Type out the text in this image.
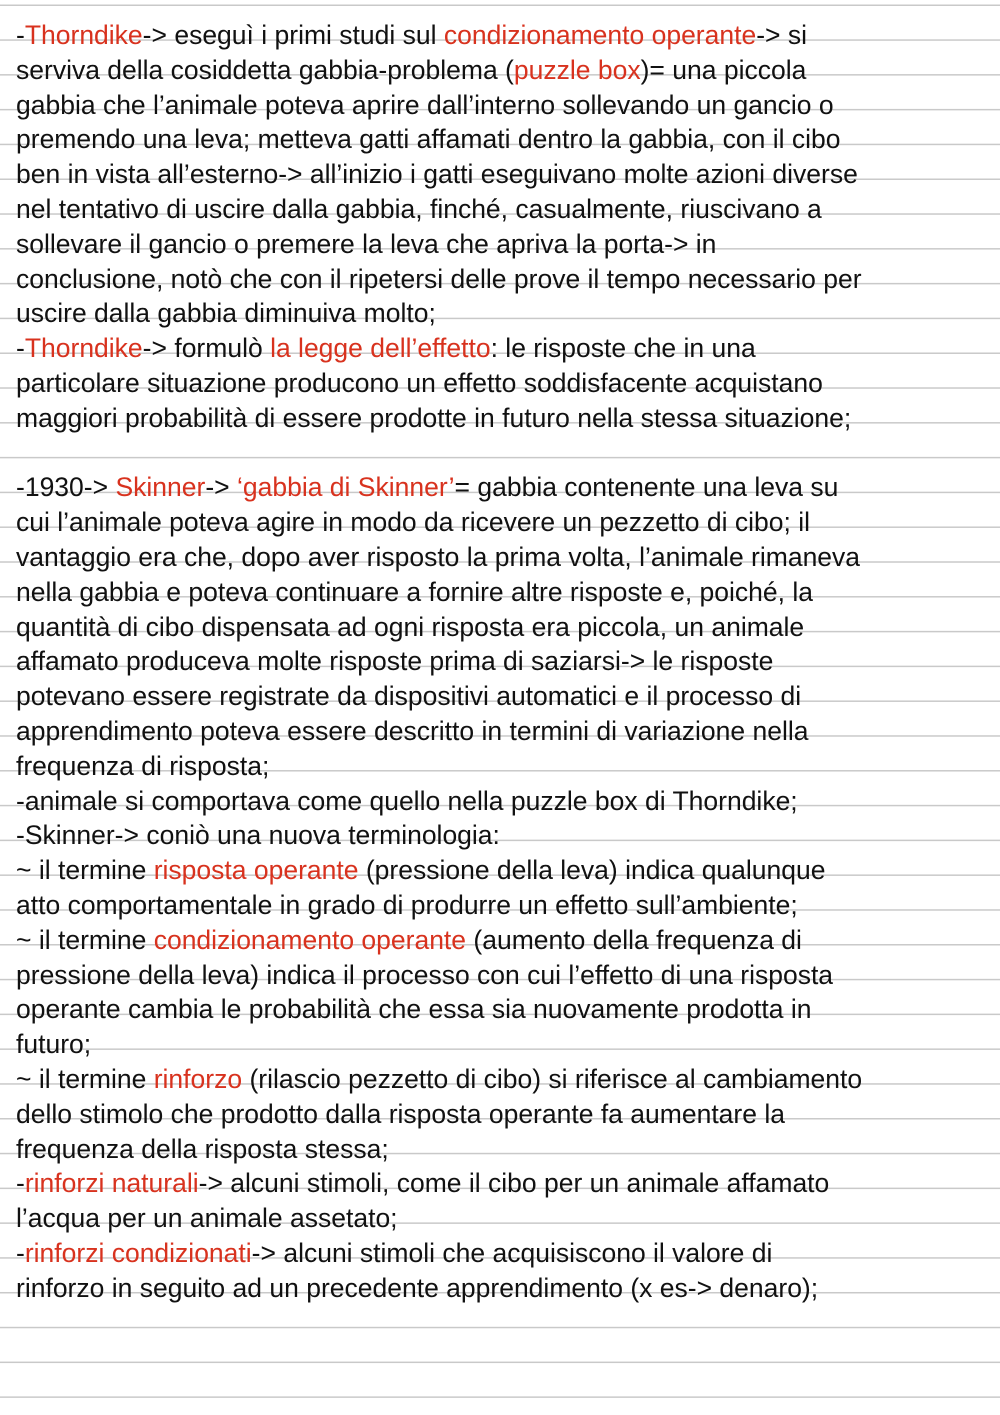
-Thorndike-> eseguì i primi studi sul condizionamento operante-> si
serviva della cosiddetta gabbia-problema (puzzle box)= una piccola
gabbia che l’animale poteva aprire dall’interno sollevando un gancio o
premendo una leva; metteva gatti affamati dentro la gabbia, con il cibo
ben in vista all’esterno-> all’inizio i gatti eseguivano molte azioni diverse
nel tentativo di uscire dalla gabbia, finché, casualmente, riuscivano a
sollevare il gancio o premere la leva che apriva la porta-> in
conclusione, notò che con il ripetersi delle prove il tempo necessario per
uscire dalla gabbia diminuiva molto;
-Thorndike-> formulò la legge dell’effetto: le risposte che in una
particolare situazione producono un effetto soddisfacente acquistano
maggiori probabilità di essere prodotte in futuro nella stessa situazione;

-1930-> Skinner-> ‘gabbia di Skinner’= gabbia contenente una leva su
cui l’animale poteva agire in modo da ricevere un pezzetto di cibo; il
vantaggio era che, dopo aver risposto la prima volta, l’animale rimaneva
nella gabbia e poteva continuare a fornire altre risposte e, poiché, la
quantità di cibo dispensata ad ogni risposta era piccola, un animale
affamato produceva molte risposte prima di saziarsi-> le risposte
potevano essere registrate da dispositivi automatici e il processo di
apprendimento poteva essere descritto in termini di variazione nella
frequenza di risposta;
-animale si comportava come quello nella puzzle box di Thorndike;
-Skinner-> coniò una nuova terminologia:
~ il termine risposta operante (pressione della leva) indica qualunque
atto comportamentale in grado di produrre un effetto sull’ambiente;
~ il termine condizionamento operante (aumento della frequenza di
pressione della leva) indica il processo con cui l’effetto di una risposta
operante cambia le probabilità che essa sia nuovamente prodotta in
futuro;
~ il termine rinforzo (rilascio pezzetto di cibo) si riferisce al cambiamento
dello stimolo che prodotto dalla risposta operante fa aumentare la
frequenza della risposta stessa;
-rinforzi naturali-> alcuni stimoli, come il cibo per un animale affamato
l’acqua per un animale assetato;
-rinforzi condizionati-> alcuni stimoli che acquisiscono il valore di
rinforzo in seguito ad un precedente apprendimento (x es-> denaro);
